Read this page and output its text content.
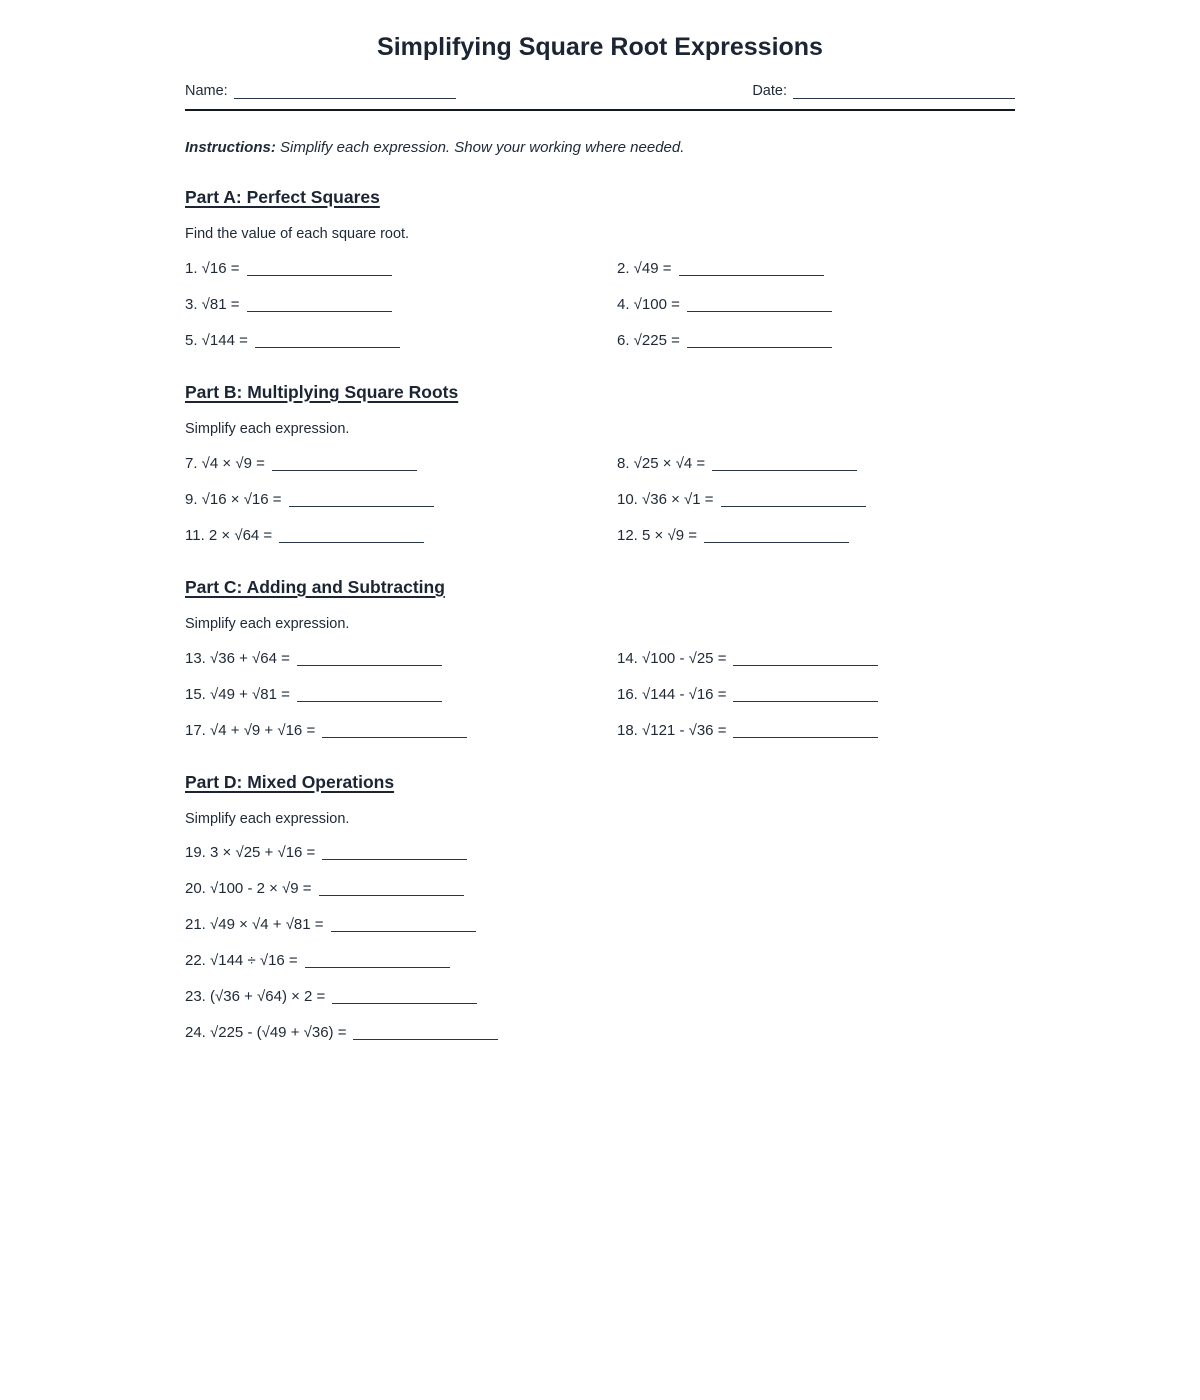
Simplifying Square Root Expressions
Name:	Date:

Instructions: Simplify each expression. Show your working where needed.

Part A: Perfect Squares

Find the value of each square root.

1. √16 =	2. √49 =
3. √81 =	4. √100 =
5. √144 =	6. √225 =
Part B: Multiplying Square Roots

Simplify each expression.

7. √4 × √9 =	8. √25 × √4 =
9. √16 × √16 =	10. √36 × √1 =
11. 2 × √64 =	12. 5 × √9 =
Part C: Adding and Subtracting

Simplify each expression.

13. √36 + √64 =	14. √100 - √25 =
15. √49 + √81 =	16. √144 - √16 =
17. √4 + √9 + √16 =	18. √121 - √36 =
Part D: Mixed Operations

Simplify each expression.

19. 3 × √25 + √16 =
20. √100 - 2 × √9 =
21. √49 × √4 + √81 =
22. √144 ÷ √16 =
23. (√36 + √64) × 2 =
24. √225 - (√49 + √36) =
